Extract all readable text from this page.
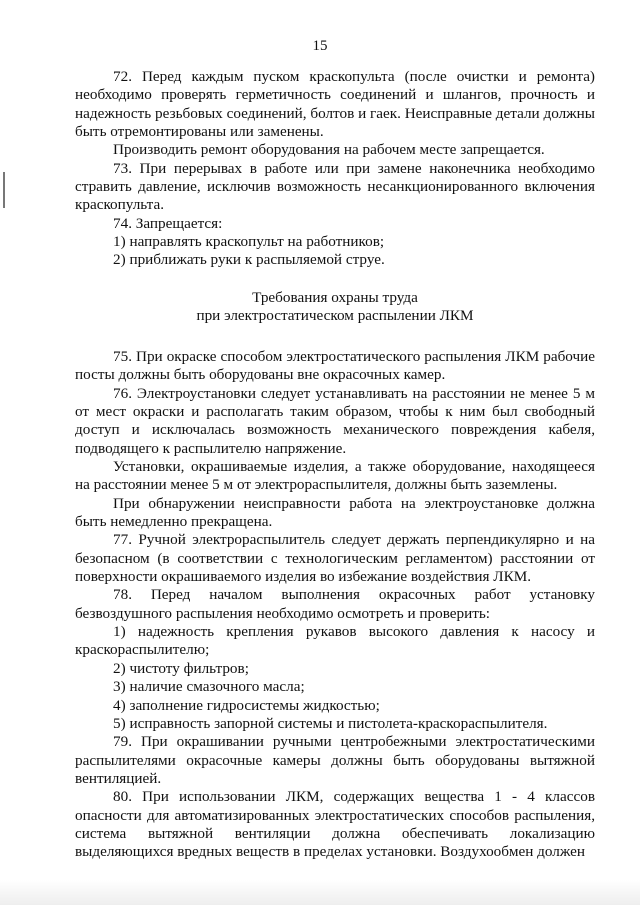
15

72. Перед каждым пуском краскопульта (после очистки и ремонта) необходимо проверять герметичность соединений и шлангов, прочность и надежность резьбовых соединений, болтов и гаек. Неисправные детали должны быть отремонтированы или заменены.

Производить ремонт оборудования на рабочем месте запрещается.

73. При перерывах в работе или при замене наконечника необходимо стравить давление, исключив возможность несанкционированного включения краскопульта.

74. Запрещается:

1) направлять краскопульт на работников;

2) приближать руки к распыляемой струе.

Требования охраны труда
при электростатическом распылении ЛКМ

75. При окраске способом электростатического распыления ЛКМ рабочие посты должны быть оборудованы вне окрасочных камер.

76. Электроустановки следует устанавливать на расстоянии не менее 5 м от мест окраски и располагать таким образом, чтобы к ним был свободный доступ и исключалась возможность механического повреждения кабеля, подводящего к распылителю напряжение.

Установки, окрашиваемые изделия, а также оборудование, находящееся на расстоянии менее 5 м от электрораспылителя, должны быть заземлены.

При обнаружении неисправности работа на электроустановке должна быть немедленно прекращена.

77. Ручной электрораспылитель следует держать перпендикулярно и на безопасном (в соответствии с технологическим регламентом) расстоянии от поверхности окрашиваемого изделия во избежание воздействия ЛКМ.

78. Перед началом выполнения окрасочных работ установку безвоздушного распыления необходимо осмотреть и проверить:

1) надежность крепления рукавов высокого давления к насосу и краскораспылителю;

2) чистоту фильтров;

3) наличие смазочного масла;

4) заполнение гидросистемы жидкостью;

5) исправность запорной системы и пистолета-краскораспылителя.

79. При окрашивании ручными центробежными электростатическими распылителями окрасочные камеры должны быть оборудованы вытяжной вентиляцией.

80. При использовании ЛКМ, содержащих вещества 1 - 4 классов опасности для автоматизированных электростатических способов распыления, система вытяжной вентиляции должна обеспечивать локализацию выделяющихся вредных веществ в пределах установки. Воздухообмен должен
